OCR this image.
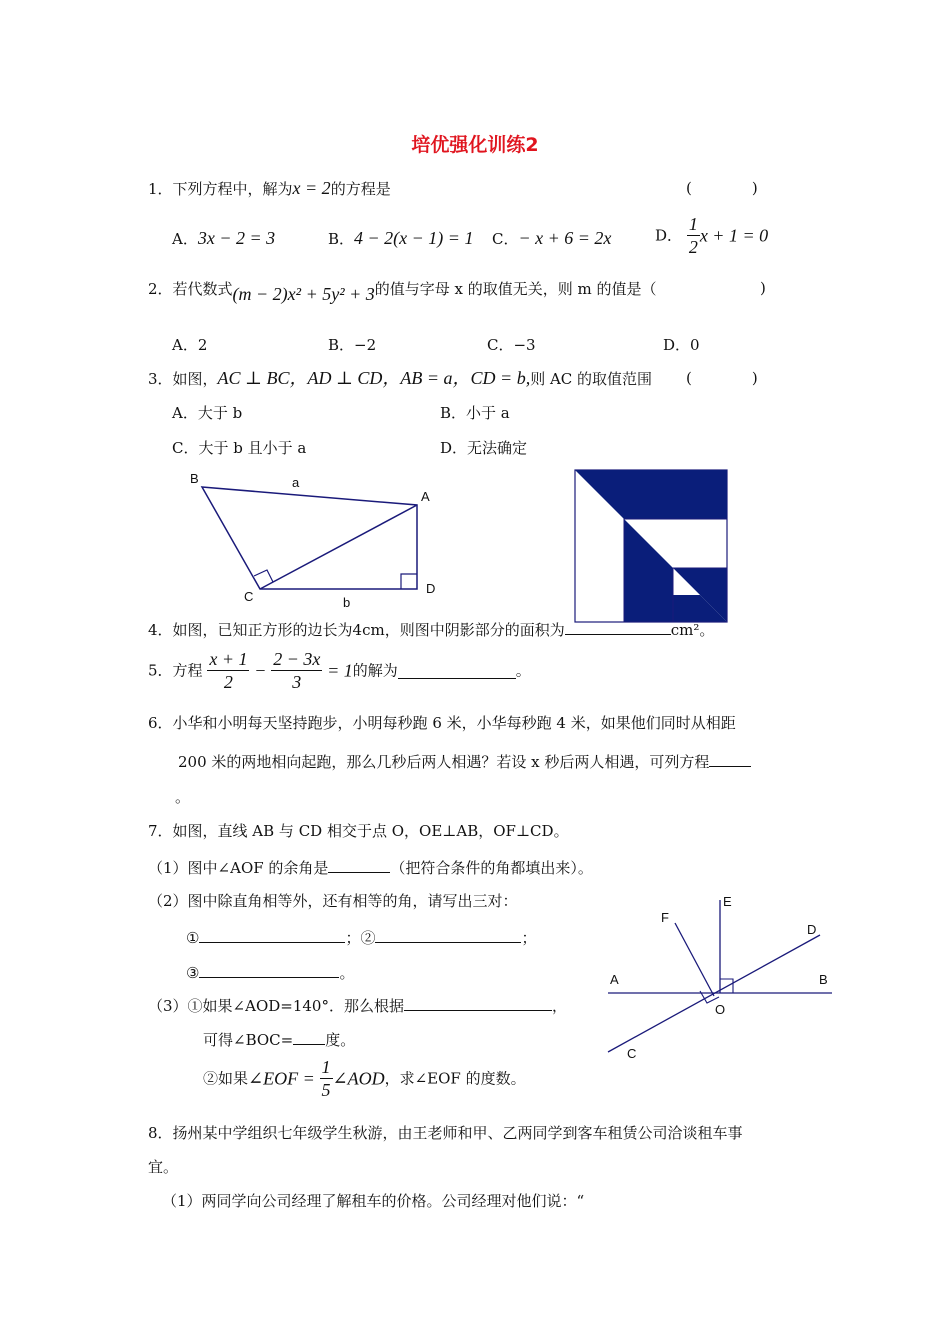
培优强化训练2
1．下列方程中，解为x = 2的方程是	(　　　　)
A．3x − 2 = 3	B．4 − 2(x − 1) = 1 C．− x + 6 = 2x	D． $\frac{1}{2}$ x + 1 = 0
2．若代数式(m − 2)x² + 5y² + 3的值与字母 x 的取值无关，则 m 的值是（	)
A．2	B．−2	C．−3	D．0
3．如图，AC ⊥ BC，AD ⊥ CD，AB = a，CD = b,则 AC 的取值范围 (　　　　)
A．大于 b	B．小于 a
C．大于 b 且小于 a	D．无法确定
B	a
A
C
D
b
4．如图，已知正方形的边长为4cm，则图中阴影部分的面积为	cm²。
5．方程 $\frac{x + 1}{2} - \frac{2 - 3x}{3} = 1$的解为	。
6．小华和小明每天坚持跑步，小明每秒跑 6 米，小华每秒跑 4 米，如果他们同时从相距
200 米的两地相向起跑，那么几秒后两人相遇？若设 x 秒后两人相遇，可列方程
。
7．如图，直线 AB 与 CD 相交于点 O，OE⊥AB，OF⊥CD。
（1）图中∠AOF 的余角是	（把符合条件的角都填出来）。
（2）图中除直角相等外，还有相等的角，请写出三对：
①	；②	；
③	。
（3）①如果∠AOD=140°．那么根据	，
可得∠BOC= 度。
②如果∠EOF = $\frac{1}{5}$ ∠AOD，求∠EOF 的度数。
E
F
D
A	B
O
C
8．扬州某中学组织七年级学生秋游，由王老师和甲、乙两同学到客车租赁公司洽谈租车事
宜。
（1）两同学向公司经理了解租车的价格。公司经理对他们说：“
